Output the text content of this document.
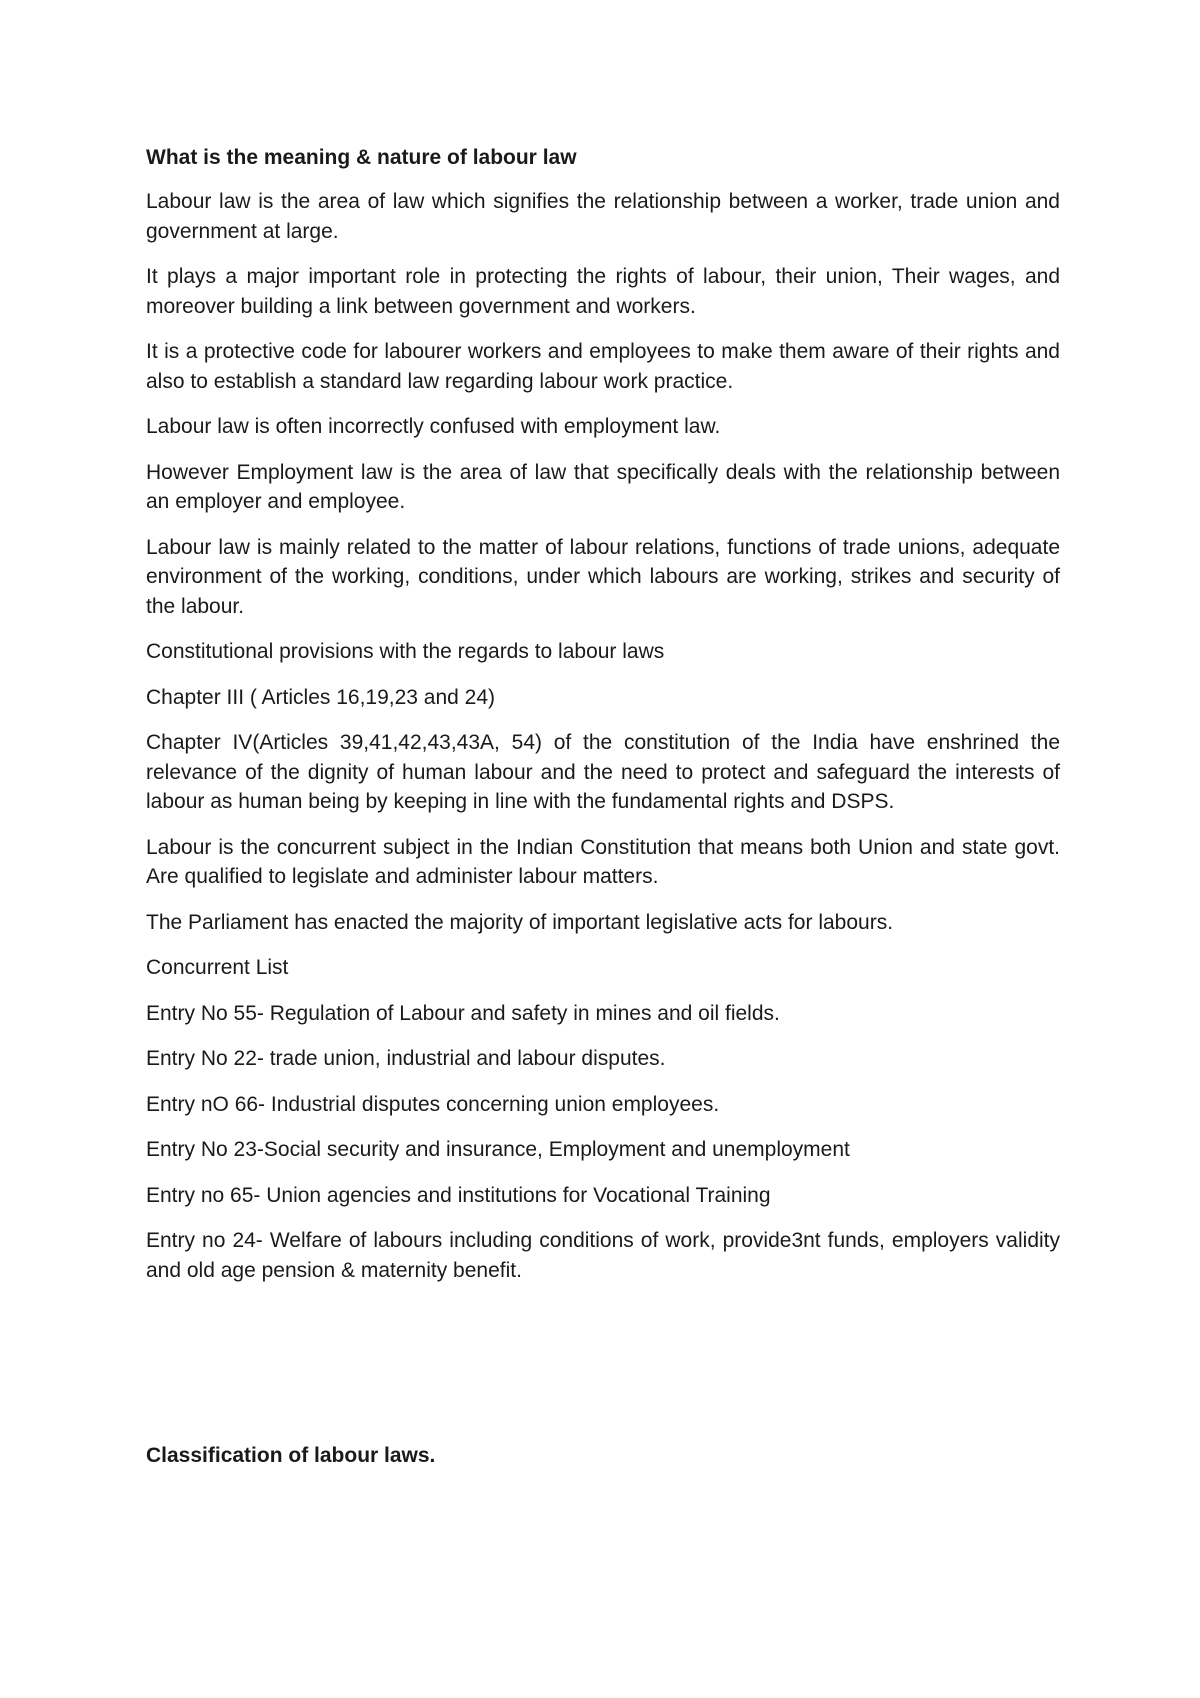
What is the meaning & nature of labour law

Labour law is the area of law which signifies the relationship between a worker, trade union and government at large.

It plays a major important role in protecting the rights of labour, their union, Their wages, and moreover building a link between government and workers.

It is a protective code for labourer workers and employees to make them aware of their rights and also to establish a standard law regarding labour work practice.

Labour law is often incorrectly confused with employment law.

However Employment law is the area of law that specifically deals with the relationship between an employer and employee.

Labour law is mainly related to the matter of labour relations, functions of trade unions, adequate environment of the working, conditions, under which labours are working, strikes and security of the labour.

Constitutional provisions with the regards to labour laws

Chapter III ( Articles 16,19,23 and 24)

Chapter IV(Articles 39,41,42,43,43A, 54) of the constitution of the India have enshrined the relevance of the dignity of human labour and the need to protect and safeguard the interests of labour as human being by keeping in line with the fundamental rights and DSPS.

Labour is the concurrent subject in the Indian Constitution that means both Union and state govt. Are qualified to legislate and administer labour matters.

The Parliament has enacted the majority of important legislative acts for labours.

Concurrent List

Entry No 55- Regulation of Labour and safety in mines and oil fields.

Entry No 22- trade union, industrial and labour disputes.

Entry nO 66- Industrial disputes concerning union employees.

Entry No 23-Social security and insurance, Employment and unemployment

Entry no 65- Union agencies and institutions for Vocational Training

Entry no 24- Welfare of labours including conditions of work, provide3nt funds, employers validity and old age pension & maternity benefit.

Classification of labour laws.
